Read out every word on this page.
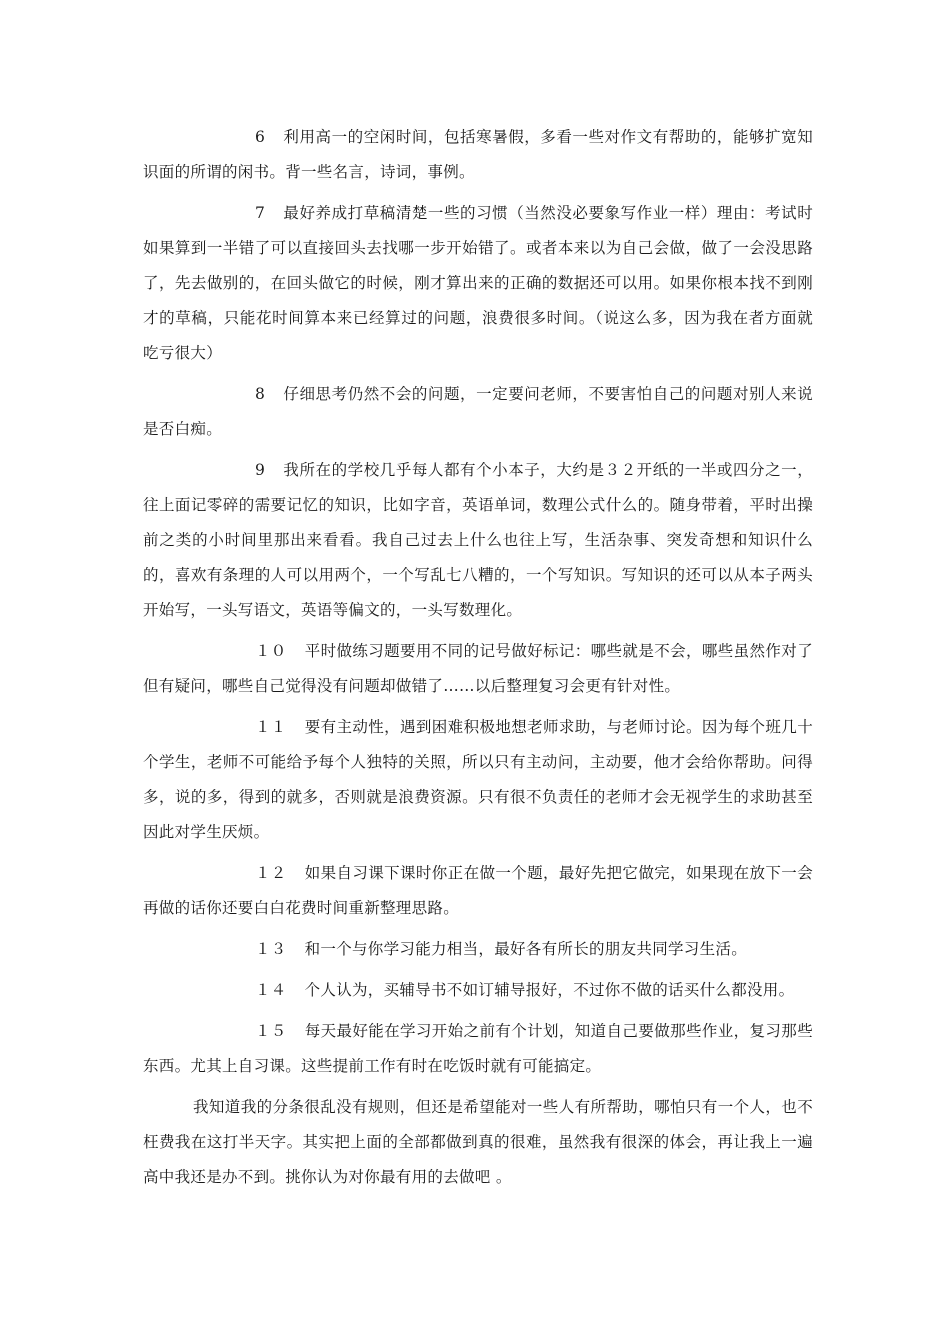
6 利用高一的空闲时间，包括寒暑假，多看一些对作文有帮助的，能够扩宽知识面的所谓的闲书。背一些名言，诗词，事例。

7 最好养成打草稿清楚一些的习惯（当然没必要象写作业一样）理由：考试时如果算到一半错了可以直接回头去找哪一步开始错了。或者本来以为自己会做，做了一会没思路了，先去做别的，在回头做它的时候，刚才算出来的正确的数据还可以用。如果你根本找不到刚才的草稿，只能花时间算本来已经算过的问题，浪费很多时间。（说这么多，因为我在者方面就吃亏很大）

8 仔细思考仍然不会的问题，一定要问老师，不要害怕自己的问题对别人来说是否白痴。

9 我所在的学校几乎每人都有个小本子，大约是３２开纸的一半或四分之一，往上面记零碎的需要记忆的知识，比如字音，英语单词，数理公式什么的。随身带着，平时出操前之类的小时间里那出来看看。我自己过去上什么也往上写，生活杂事、突发奇想和知识什么的，喜欢有条理的人可以用两个，一个写乱七八糟的，一个写知识。写知识的还可以从本子两头开始写，一头写语文，英语等偏文的，一头写数理化。

１０ 平时做练习题要用不同的记号做好标记：哪些就是不会，哪些虽然作对了但有疑问，哪些自己觉得没有问题却做错了……以后整理复习会更有针对性。

１１ 要有主动性，遇到困难积极地想老师求助，与老师讨论。因为每个班几十个学生，老师不可能给予每个人独特的关照，所以只有主动问，主动要，他才会给你帮助。问得多，说的多，得到的就多，否则就是浪费资源。只有很不负责任的老师才会无视学生的求助甚至因此对学生厌烦。

１２ 如果自习课下课时你正在做一个题，最好先把它做完，如果现在放下一会再做的话你还要白白花费时间重新整理思路。

１３ 和一个与你学习能力相当，最好各有所长的朋友共同学习生活。

１４ 个人认为，买辅导书不如订辅导报好，不过你不做的话买什么都没用。

１５ 每天最好能在学习开始之前有个计划，知道自己要做那些作业，复习那些东西。尤其上自习课。这些提前工作有时在吃饭时就有可能搞定。

我知道我的分条很乱没有规则，但还是希望能对一些人有所帮助，哪怕只有一个人，也不枉费我在这打半天字。其实把上面的全部都做到真的很难，虽然我有很深的体会，再让我上一遍高中我还是办不到。挑你认为对你最有用的去做吧 。
